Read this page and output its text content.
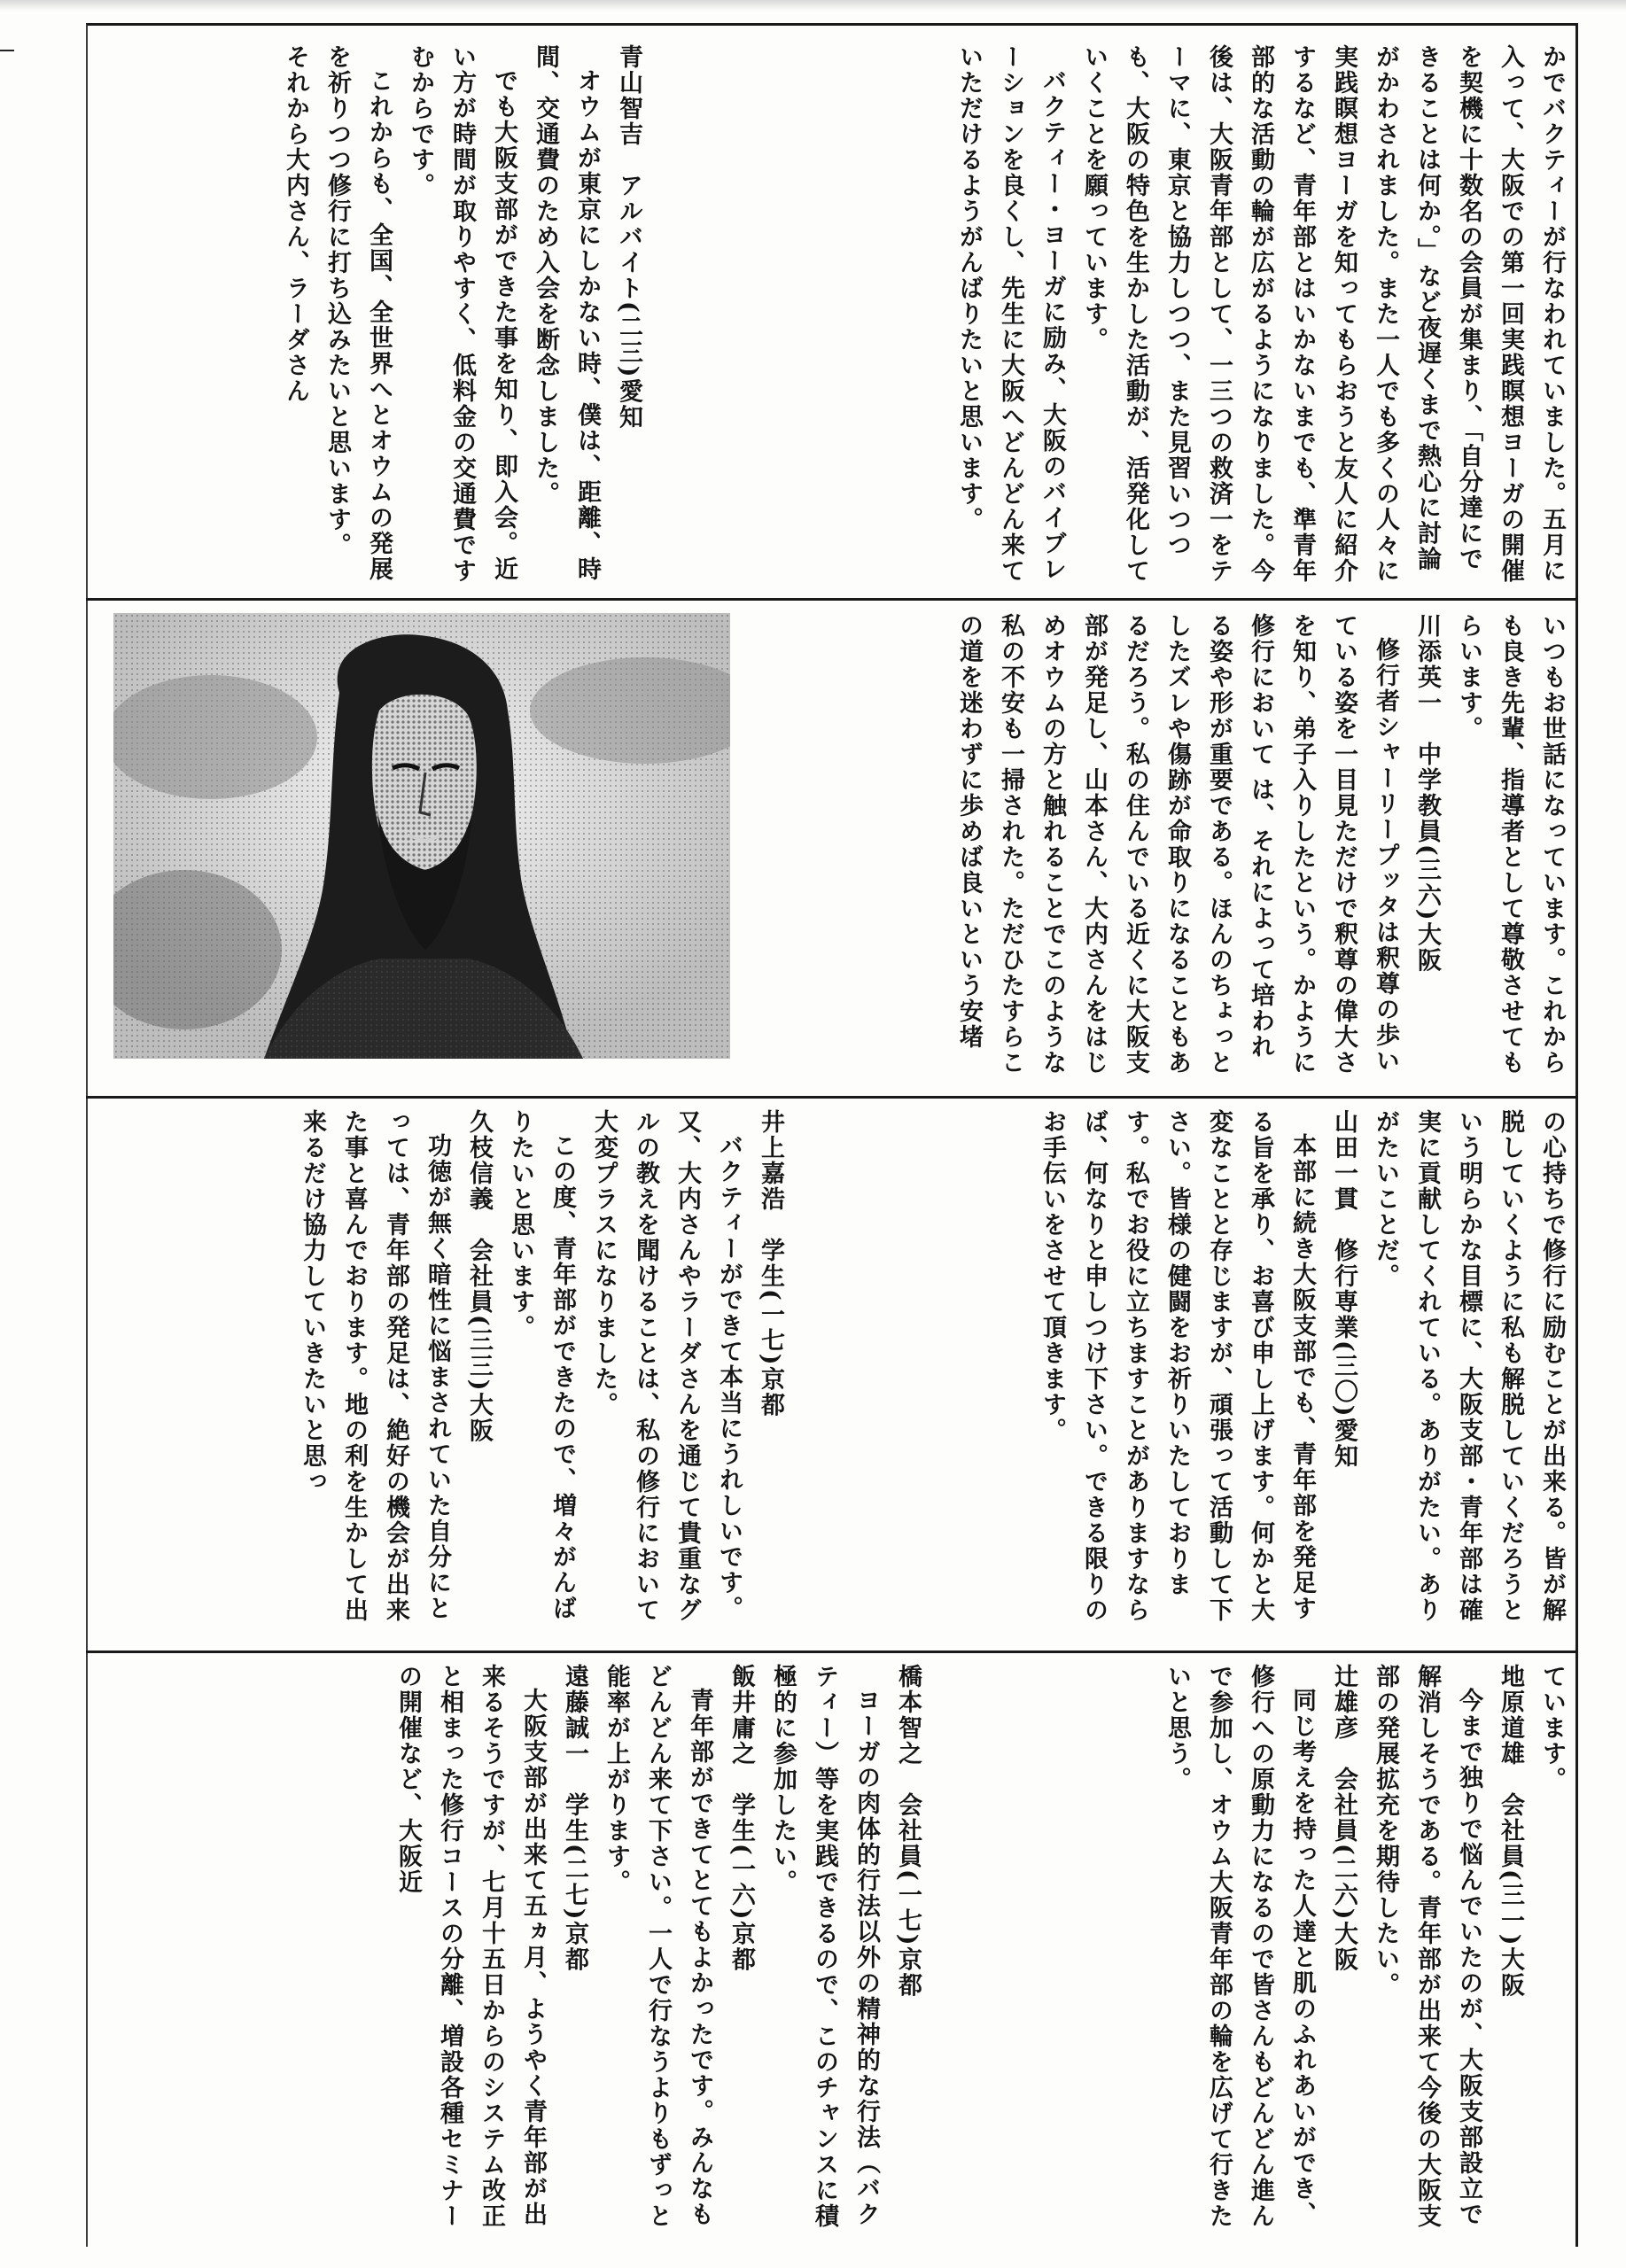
かでバクティーが行なわれていました。五月に入って、大阪での第一回実践瞑想ヨーガの開催を契機に十数名の会員が集まり、「自分達にできることは何か。」など夜遅くまで熱心に討論がかわされました。また一人でも多くの人々に実践瞑想ヨーガを知ってもらおうと友人に紹介するなど、青年部とはいかないまでも、準青年部的な活動の輪が広がるようになりました。今後は、大阪青年部として、一三つの救済一をテーマに、東京と協力しつつ、また見習いつつも、大阪の特色を生かした活動が、活発化していくことを願っています。

バクティー・ヨーガに励み、大阪のバイブレーションを良くし、先生に大阪へどんどん来ていただけるようがんばりたいと思います。

青山智吉　アルバイト(二三)愛知

オウムが東京にしかない時、僕は、距離、時間、交通費のため入会を断念しました。

でも大阪支部ができた事を知り、即入会。近い方が時間が取りやすく、低料金の交通費ですむからです。

これからも、全国、全世界へとオウムの発展を祈りつつ修行に打ち込みたいと思います。

それから大内さん、ラーダさん

いつもお世話になっています。これからも良き先輩、指導者として尊敬させてもらいます。

川添英一　中学教員(三六)大阪

修行者シャーリープッタは釈尊の歩いている姿を一目見ただけで釈尊の偉大さを知り、弟子入りしたという。かように修行において は、それによって培われる姿や形が重要である。ほんのちょっとしたズレや傷跡が命取りになることもあるだろう。私の住んでいる近くに大阪支部が発足し、山本さん、大内さんをはじめオウムの方と触れることでこのような私の不安も一掃された。ただひたすらこの道を迷わずに歩めば良いという安堵

の心持ちで修行に励むことが出来る。皆が解脱していくように私も解脱していくだろうという明らかな目標に、大阪支部・青年部は確実に貢献してくれている。ありがたい。ありがたいことだ。

山田一貫　修行専業(三〇)愛知

本部に続き大阪支部でも、青年部を発足する旨を承り、お喜び申し上げます。何かと大変なことと存じますが、頑張って活動して下さい。皆様の健闘をお祈りいたしております。私でお役に立ちますことがありますならば、何なりと申しつけ下さい。できる限りのお手伝いをさせて頂きます。

井上嘉浩　学生(一七)京都

バクティーができて本当にうれしいです。又、大内さんやラーダさんを通じて貴重なグルの教えを聞けることは、私の修行において大変プラスになりました。

この度、青年部ができたので、増々がんばりたいと思います。

久枝信義　会社員(三三)大阪

功徳が無く暗性に悩まされていた自分にとっては、青年部の発足は、絶好の機会が出来た事と喜んでおります。地の利を生かして出来るだけ協力していきたいと思っ

ています。

地原道雄　会社員(三一)大阪

今まで独りで悩んでいたのが、大阪支部設立で解消しそうである。青年部が出来て今後の大阪支部の発展拡充を期待したい。

辻雄彦　会社員(二六)大阪

同じ考えを持った人達と肌のふれあいができ、修行への原動力になるので皆さんもどんどん進んで参加し、オウム大阪青年部の輪を広げて行きたいと思う。

橋本智之　会社員(一七)京都

ヨーガの肉体的行法以外の精神的な行法（バクティー）等を実践できるので、このチャンスに積極的に参加したい。

飯井庸之　学生(一六)京都

青年部ができてとてもよかったです。みんなもどんどん来て下さい。一人で行なうよりもずっと能率が上がります。

遠藤誠一　学生(二七)京都

大阪支部が出来て五ヵ月、ようやく青年部が出来るそうですが、七月十五日からのシステム改正と相まった修行コースの分離、増設各種セミナーの開催など、大阪近
